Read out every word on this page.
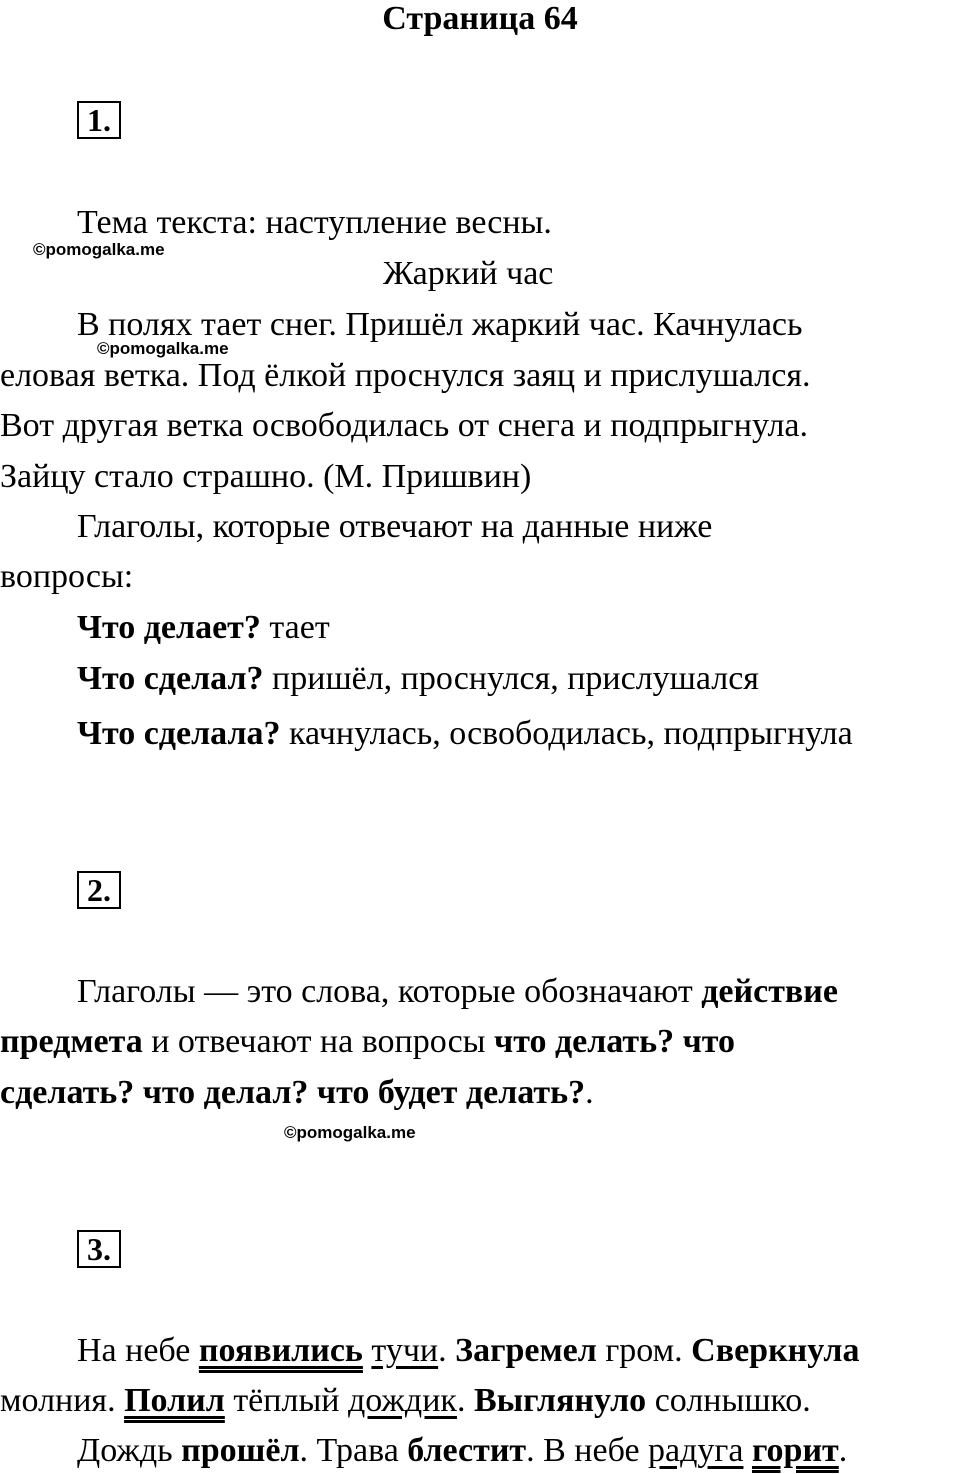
Страница 64
1.
Тема текста: наступление весны.
©pomogalka.me
Жаркий час
В полях тает снег. Пришёл жаркий час. Качнулась
©pomogalka.me
еловая ветка. Под ёлкой проснулся заяц и прислушался.
Вот другая ветка освободилась от снега и подпрыгнула.
Зайцу стало страшно. (М. Пришвин)
Глаголы, которые отвечают на данные ниже
вопросы:
Что делает? тает
Что сделал? пришёл, проснулся, прислушался
Что сделала? качнулась, освободилась, подпрыгнула
2.
Глаголы — это слова, которые обозначают действие
предмета и отвечают на вопросы что делать? что
сделать? что делал? что будет делать?.
©pomogalka.me
3.
На небе появились тучи. Загремел гром. Сверкнула
молния. Полил тёплый дождик. Выглянуло солнышко.
Дождь прошёл. Трава блестит. В небе радуга горит.
